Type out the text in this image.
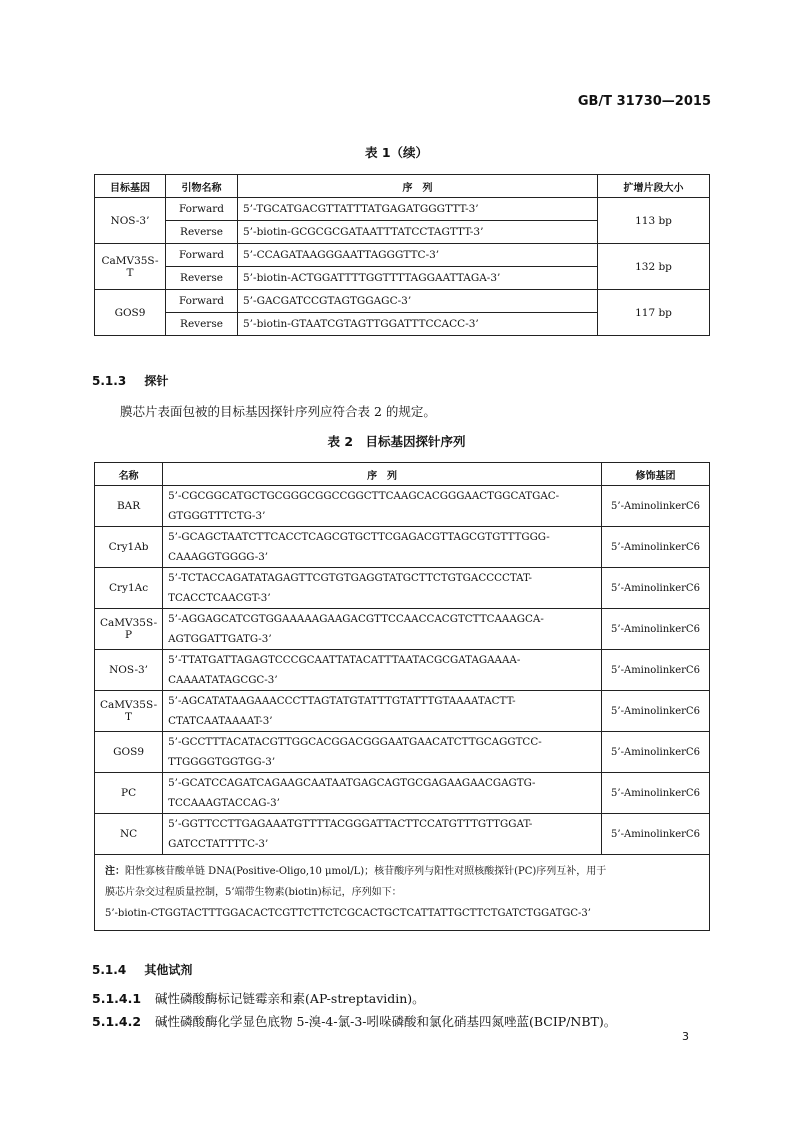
GB/T 31730—2015
表 1（续）
目标基因	引物名称	序　列	扩增片段大小
NOS-3’	Forward	5’-TGCATGACGTTATTTATGAGATGGGTTT-3’	113 bp
	Reverse	5’-biotin-GCGCGCGATAATTTATCCTAGTTT-3’	
CaMV35S-T	Forward	5’-CCAGATAAGGGAATTAGGGTTC-3’	132 bp
	Reverse	5’-biotin-ACTGGATTTTGGTTTTAGGAATTAGA-3’	
GOS9	Forward	5’-GACGATCCGTAGTGGAGC-3’	117 bp
	Reverse	5’-biotin-GTAATCGTAGTTGGATTTCCACC-3’	
5.1.3 探针
膜芯片表面包被的目标基因探针序列应符合表 2 的规定。
表 2　目标基因探针序列
名称	序　列	修饰基团
BAR	5’-CGCGGCATGCTGCGGGCGGCCGGCTTCAAGCACGGGAACTGGCATGAC-
GTGGGTTTCTG-3’	5’-AminolinkerC6
Cry1Ab	5’-GCAGCTAATCTTCACCTCAGCGTGCTTCGAGACGTTAGCGTGTTTGGG-
CAAAGGTGGGG-3’	5’-AminolinkerC6
Cry1Ac	5’-TCTACCAGATATAGAGTTCGTGTGAGGTATGCTTCTGTGACCCCTAT-
TCACCTCAACGT-3’	5’-AminolinkerC6
CaMV35S-P	5’-AGGAGCATCGTGGAAAAAGAAGACGTTCCAACCACGTCTTCAAAGCA-
AGTGGATTGATG-3’	5’-AminolinkerC6
NOS-3’	5’-TTATGATTAGAGTCCCGCAATTATACATTTAATACGCGATAGAAAA-
CAAAATATAGCGC-3’	5’-AminolinkerC6
CaMV35S-T	5’-AGCATATAAGAAACCCTTAGTATGTATTTGTATTTGTAAAATACTT-
CTATCAATAAAAT-3’	5’-AminolinkerC6
GOS9	5’-GCCTTTACATACGTTGGCACGGACGGGAATGAACATCTTGCAGGTCC-
TTGGGGTGGTGG-3’	5’-AminolinkerC6
PC	5’-GCATCCAGATCAGAAGCAATAATGAGCAGTGCGAGAAGAACGAGTG-
TCCAAAGTACCAG-3’	5’-AminolinkerC6
NC	5’-GGTTCCTTGAGAAATGTTTTACGGGATTACTTCCATGTTTGTTGGAT-
GATCCTATTTTC-3’	5’-AminolinkerC6
注：阳性寡核苷酸单链 DNA(Positive-Oligo,10 μmol/L)；核苷酸序列与阳性对照核酸探针(PC)序列互补，用于
膜芯片杂交过程质量控制，5’端带生物素(biotin)标记，序列如下：
5’-biotin-CTGGTACTTTGGACACTCGTTCTTCTCGCACTGCTCATTATTGCTTCTGATCTGGATGC-3’		
5.1.4 其他试剂
5.1.4.1 碱性磷酸酶标记链霉亲和素(AP-streptavidin)。
5.1.4.2 碱性磷酸酶化学显色底物 5-溴-4-氯-3-吲哚磷酸和氯化硝基四氮唑蓝(BCIP/NBT)。
3
